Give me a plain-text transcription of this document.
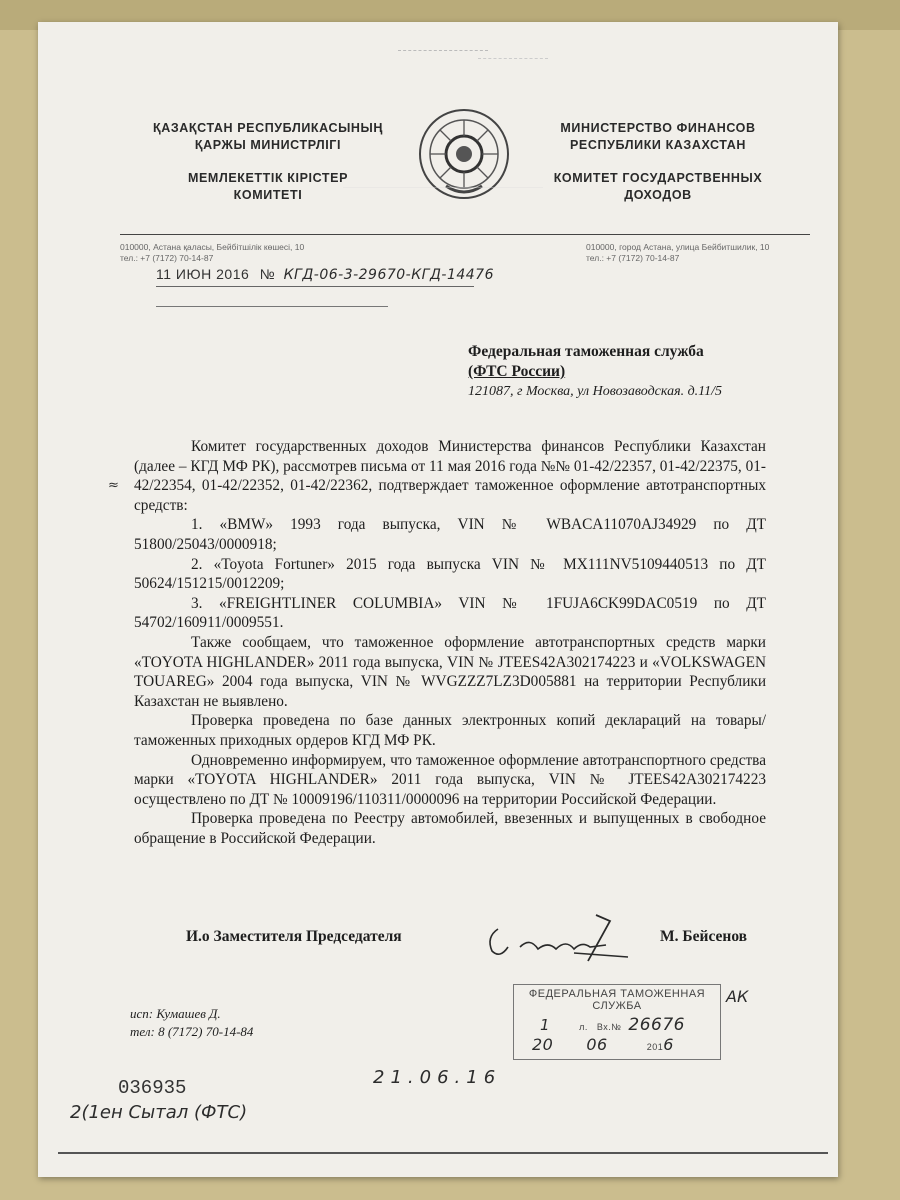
ҚАЗАҚСТАН РЕСПУБЛИКАСЫНЫҢ
ҚАРЖЫ МИНИСТРЛІГІ
МЕМЛЕКЕТТІК КІРІСТЕР
КОМИТЕТІ
МИНИСТЕРСТВО ФИНАНСОВ
РЕСПУБЛИКИ КАЗАХСТАН
КОМИТЕТ ГОСУДАРСТВЕННЫХ
ДОХОДОВ
010000, Астана қаласы, Бейбітшілік көшесі, 10
тел.: +7 (7172) 70-14-87
010000, город Астана, улица Бейбитшилик, 10
тел.: +7 (7172) 70-14-87
11 ИЮН 2016 № КГД-06-3-29670-КГД-14476
Федеральная таможенная служба
(ФТС России)
121087, г Москва, ул Новозаводская. д.11/5

Комитет государственных доходов Министерства финансов Республики Казахстан (далее – КГД МФ РК), рассмотрев письма от 11 мая 2016 года №№ 01-42/22357, 01-42/22375, 01-42/22354, 01-42/22352, 01-42/22362, подтверждает таможенное оформление автотранспортных средств:

1. «BMW» 1993 года выпуска, VIN № WBACA11070AJ34929 по ДТ 51800/25043/0000918;

2. «Toyota Fortuner» 2015 года выпуска VIN № MX111NV5109440513 по ДТ 50624/151215/0012209;

3. «FREIGHTLINER COLUMBIA» VIN № 1FUJA6CK99DAC0519 по ДТ 54702/160911/0009551.

Также сообщаем, что таможенное оформление автотранспортных средств марки «TOYOTA HIGHLANDER» 2011 года выпуска, VIN № JTEES42A302174223 и «VOLKSWAGEN TOUAREG» 2004 года выпуска, VIN № WVGZZZ7LZ3D005881 на территории Республики Казахстан не выявлено.

Проверка проведена по базе данных электронных копий деклараций на товары/таможенных приходных ордеров КГД МФ РК.

Одновременно информируем, что таможенное оформление автотранспортного средства марки «TOYOTA HIGHLANDER» 2011 года выпуска, VIN № JTEES42A302174223 осуществлено по ДТ № 10009196/110311/0000096 на территории Российской Федерации.

Проверка проведена по Реестру автомобилей, ввезенных и выпущенных в свободное обращение в Российской Федерации.

≈
И.о Заместителя Председателя	М. Бейсенов
исп: Кумашев Д.
тел: 8 (7172) 70-14-84
ФЕДЕРАЛЬНАЯ ТАМОЖЕННАЯ
СЛУЖБА
1	л. Вх.№ 26676
20 06	2016
АК
21.06.16
036935
2(1ен Сытал (ФТС)
